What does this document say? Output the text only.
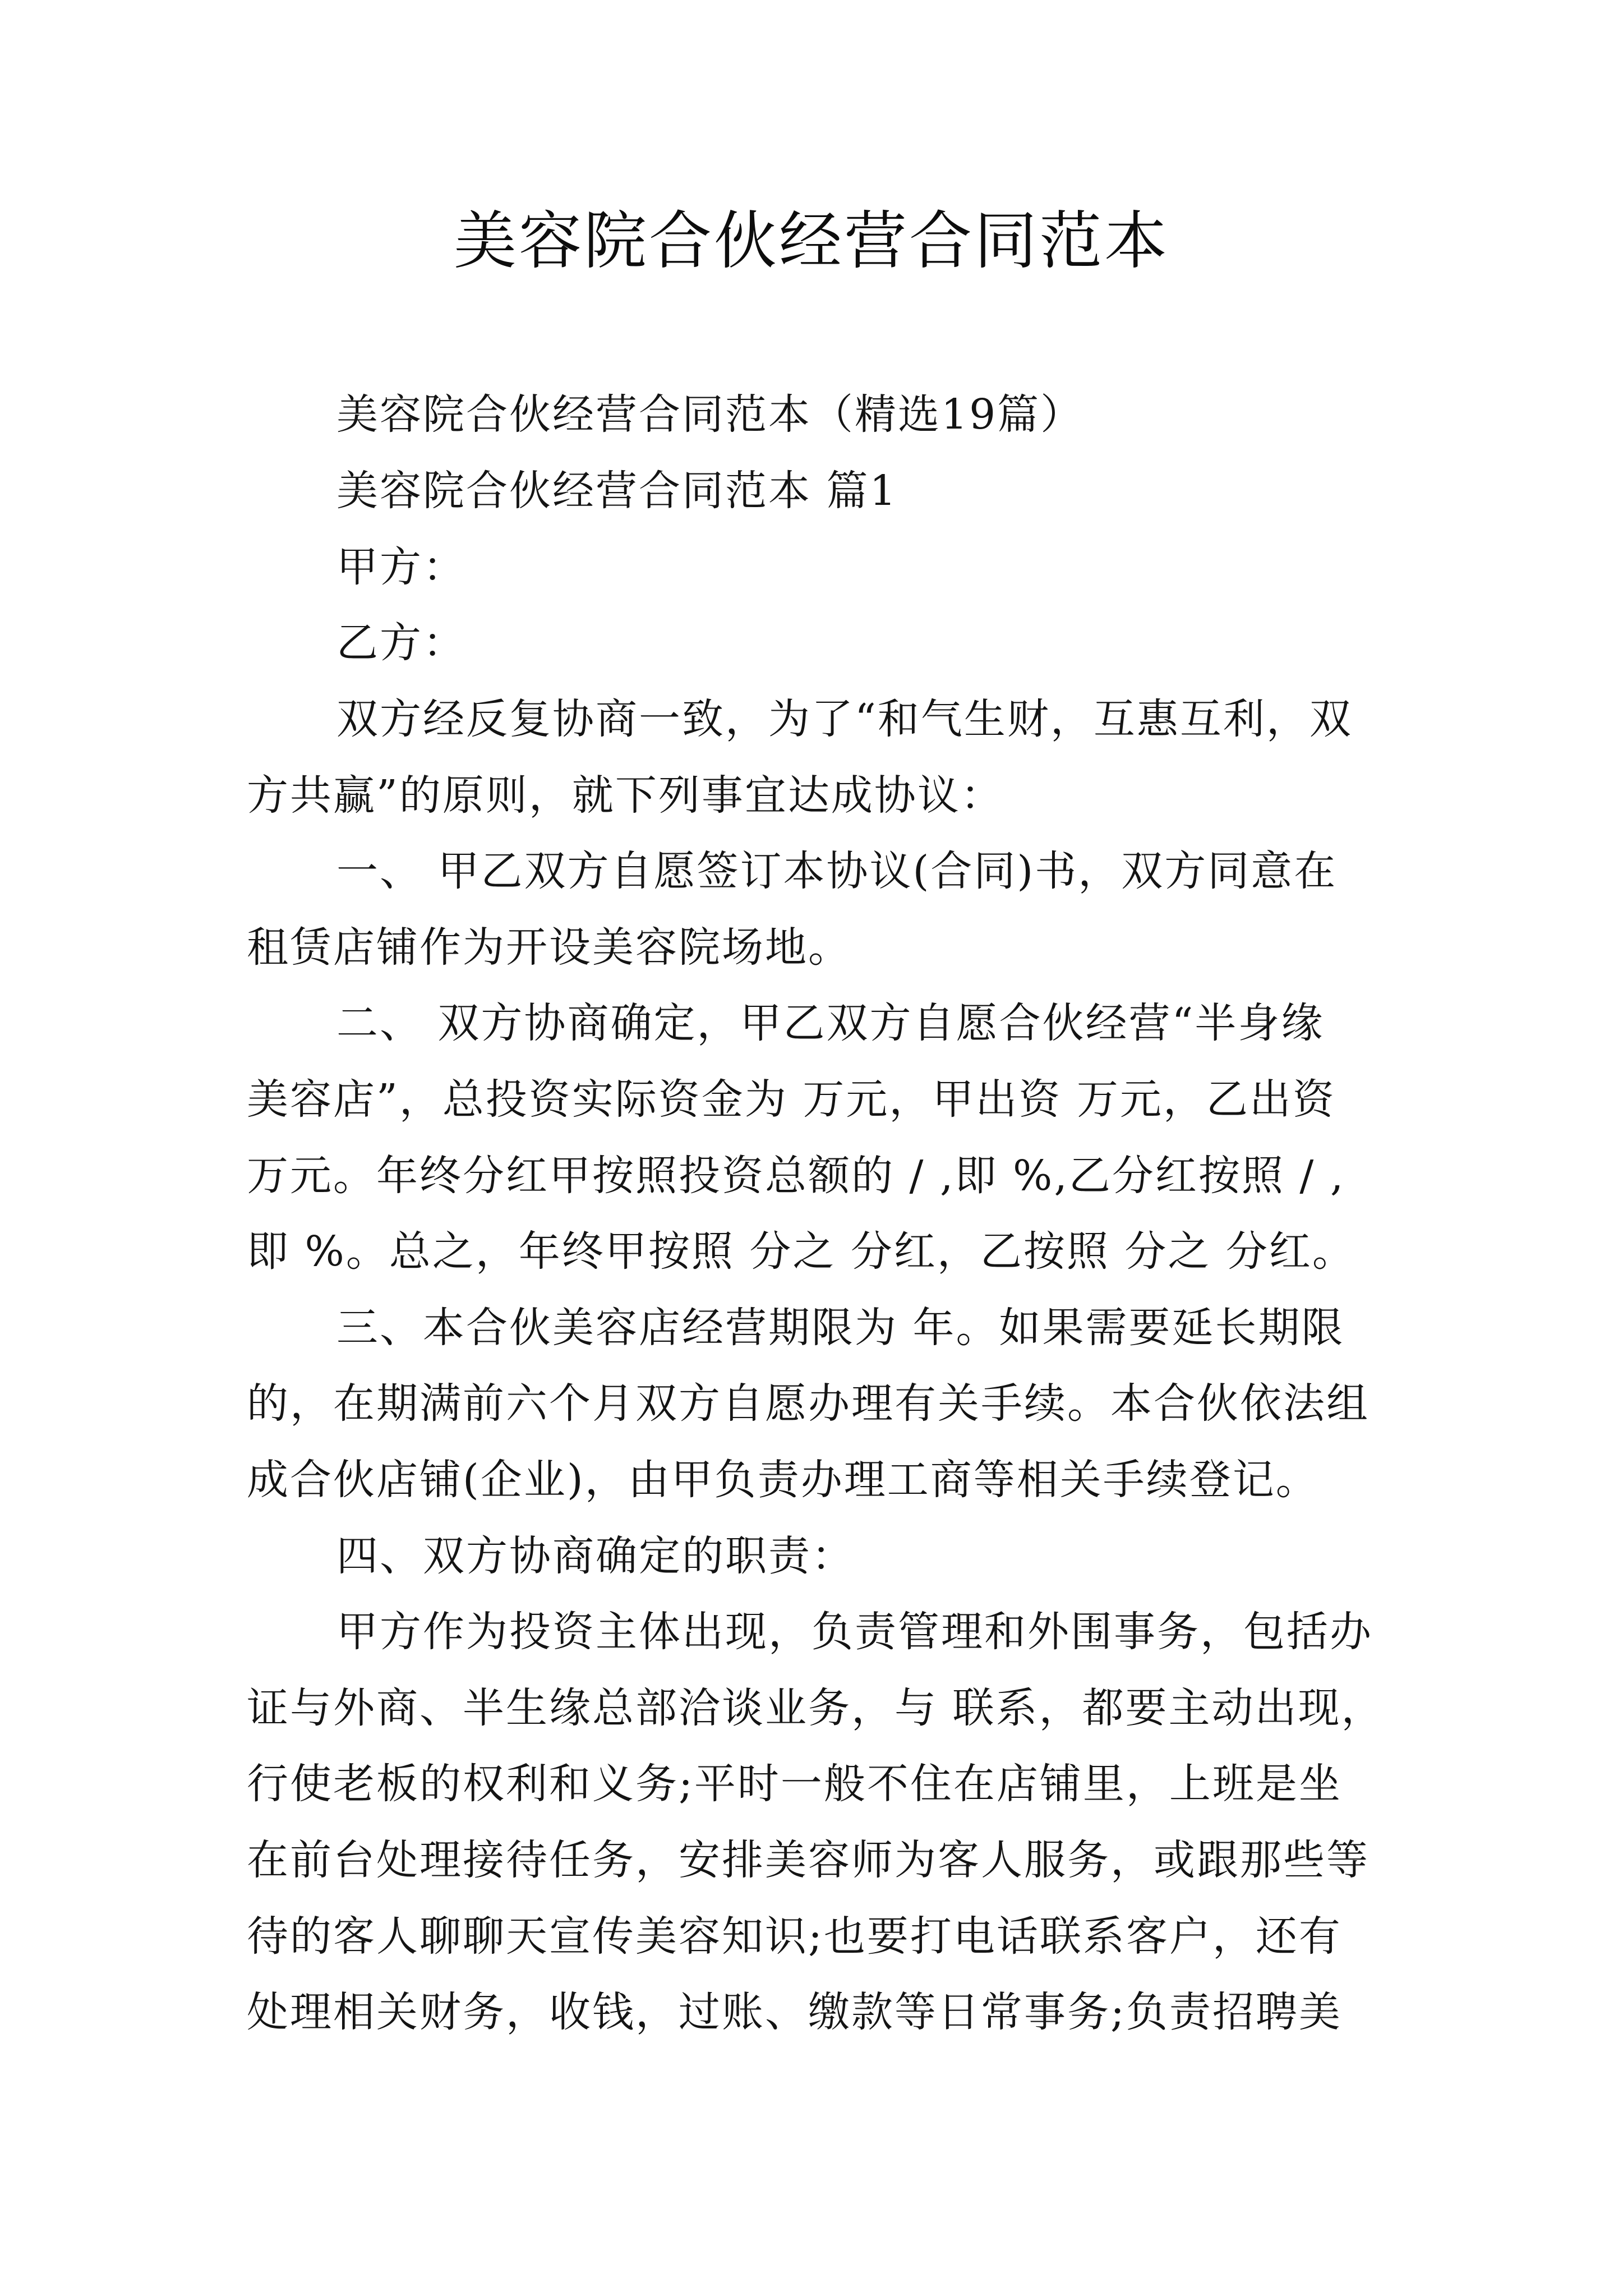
美容院合伙经营合同范本
美容院合伙经营合同范本（精选19篇）
美容院合伙经营合同范本 篇1
甲方：
乙方：
双方经反复协商一致，为了“和气生财，互惠互利，双
方共赢”的原则，就下列事宜达成协议：
一、 甲乙双方自愿签订本协议(合同)书，双方同意在
租赁店铺作为开设美容院场地。
二、 双方协商确定，甲乙双方自愿合伙经营“半身缘
美容店”，总投资实际资金为 万元，甲出资 万元，乙出资
万元。年终分红甲按照投资总额的 / ,即 %,乙分红按照 / ,
即 %。总之，年终甲按照 分之 分红，乙按照 分之 分红。
三、本合伙美容店经营期限为 年。如果需要延长期限
的，在期满前六个月双方自愿办理有关手续。本合伙依法组
成合伙店铺(企业)，由甲负责办理工商等相关手续登记。
四、双方协商确定的职责：
甲方作为投资主体出现，负责管理和外围事务，包括办
证与外商、半生缘总部洽谈业务，与 联系，都要主动出现，
行使老板的权利和义务;平时一般不住在店铺里，上班是坐
在前台处理接待任务，安排美容师为客人服务，或跟那些等
待的客人聊聊天宣传美容知识;也要打电话联系客户，还有
处理相关财务，收钱，过账、缴款等日常事务;负责招聘美
